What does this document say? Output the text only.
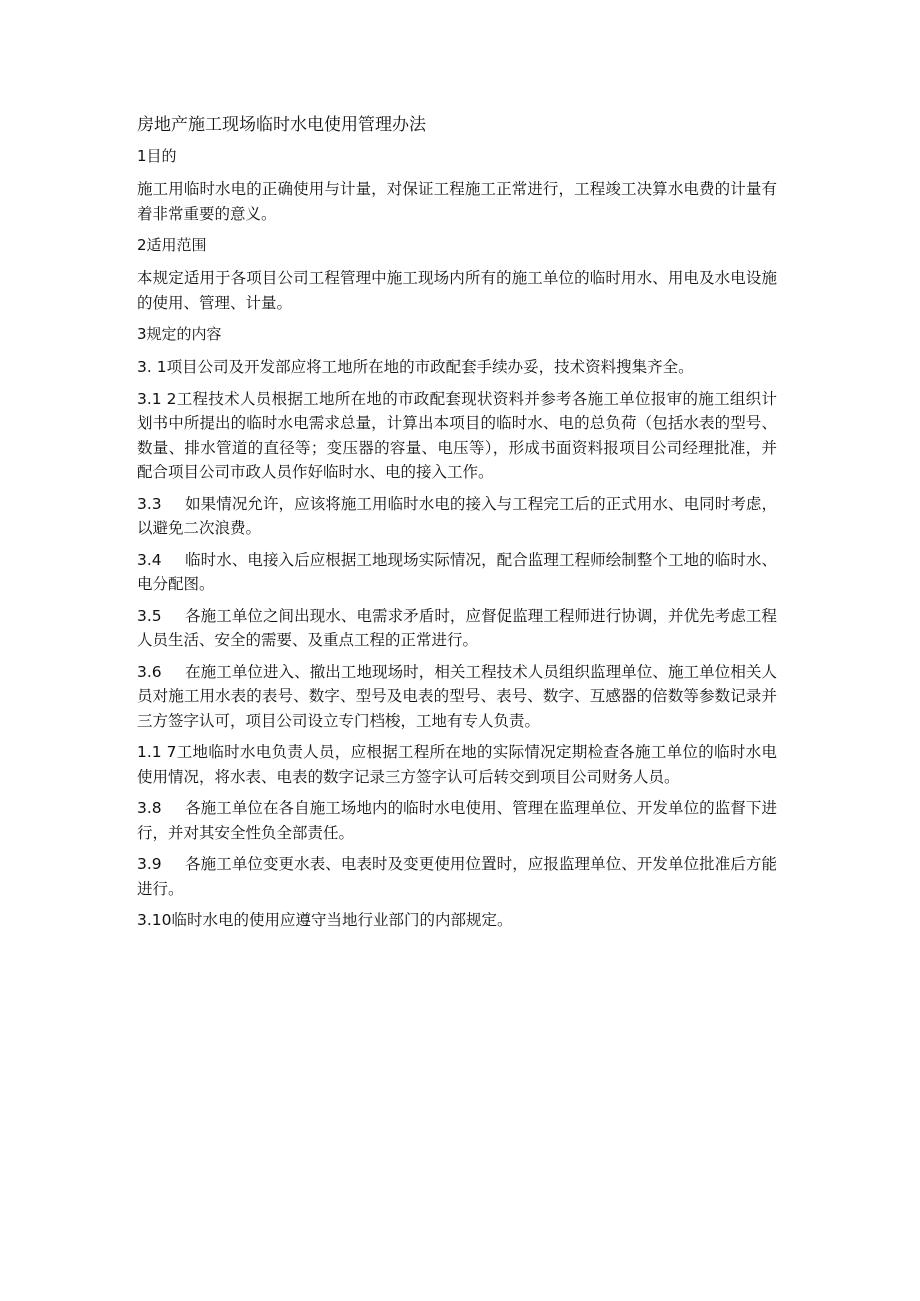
房地产施工现场临时水电使用管理办法
1目的
施工用临时水电的正确使用与计量，对保证工程施工正常进行，工程竣工决算水电费的计量有着非常重要的意义。
2适用范围
本规定适用于各项目公司工程管理中施工现场内所有的施工单位的临时用水、用电及水电设施的使用、管理、计量。
3规定的内容
3. 1项目公司及开发部应将工地所在地的市政配套手续办妥，技术资料搜集齐全。
3.1 2工程技术人员根据工地所在地的市政配套现状资料并参考各施工单位报审的施工组织计划书中所提出的临时水电需求总量，计算出本项目的临时水、电的总负荷（包括水表的型号、数量、排水管道的直径等；变压器的容量、电压等），形成书面资料报项目公司经理批准，并配合项目公司市政人员作好临时水、电的接入工作。
3.3 如果情况允许，应该将施工用临时水电的接入与工程完工后的正式用水、电同时考虑，以避免二次浪费。
3.4 临时水、电接入后应根据工地现场实际情况，配合监理工程师绘制整个工地的临时水、电分配图。
3.5 各施工单位之间出现水、电需求矛盾时，应督促监理工程师进行协调，并优先考虑工程人员生活、安全的需要、及重点工程的正常进行。
3.6 在施工单位进入、撤出工地现场时，相关工程技术人员组织监理单位、施工单位相关人员对施工用水表的表号、数字、型号及电表的型号、表号、数字、互感器的倍数等参数记录并三方签字认可，项目公司设立专门档梭，工地有专人负责。
1.1 7工地临时水电负责人员，应根据工程所在地的实际情况定期检查各施工单位的临时水电使用情况，将水表、电表的数字记录三方签字认可后转交到项目公司财务人员。
3.8 各施工单位在各自施工场地内的临时水电使用、管理在监理单位、开发单位的监督下进行，并对其安全性负全部责任。
3.9 各施工单位变更水表、电表时及变更使用位置时，应报监理单位、开发单位批准后方能进行。
3.10临时水电的使用应遵守当地行业部门的内部规定。
